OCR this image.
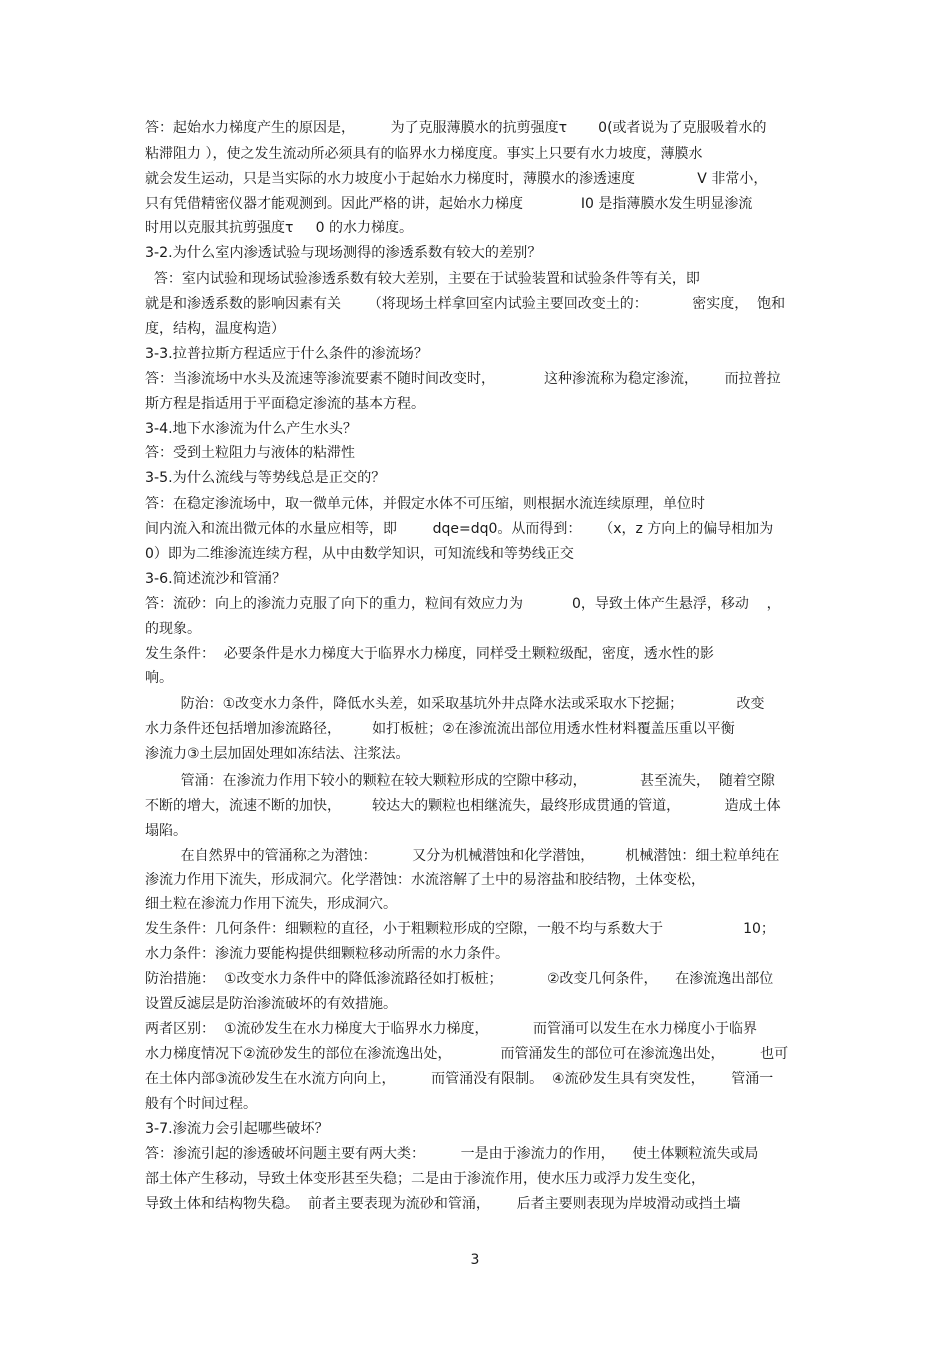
答：起始水力梯度产生的原因是，        为了克服薄膜水的抗剪强度τ       0(或者说为了克服吸着水的
粘滞阻力 ），使之发生流动所必须具有的临界水力梯度度。事实上只要有水力坡度，薄膜水
就会发生运动，只是当实际的水力坡度小于起始水力梯度时，薄膜水的渗透速度              V 非常小，
只有凭借精密仪器才能观测到。因此严格的讲，起始水力梯度             I0 是指薄膜水发生明显渗流
时用以克服其抗剪强度τ     0 的水力梯度。
3-2.为什么室内渗透试验与现场测得的渗透系数有较大的差别？
答：室内试验和现场试验渗透系数有较大差别，主要在于试验装置和试验条件等有关，即
就是和渗透系数的影响因素有关      （将现场土样拿回室内试验主要回改变土的：          密实度，  饱和
度，结构，温度构造）
3-3.拉普拉斯方程适应于什么条件的渗流场？
答：当渗流场中水头及流速等渗流要素不随时间改变时，           这种渗流称为稳定渗流，      而拉普拉
斯方程是指适用于平面稳定渗流的基本方程。
3-4.地下水渗流为什么产生水头？
答：受到土粒阻力与液体的粘滞性
3-5.为什么流线与等势线总是正交的？
答：在稳定渗流场中，取一微单元体，并假定水体不可压缩，则根据水流连续原理，单位时
间内流入和流出微元体的水量应相等，即        dqe=dq0。从而得到：    （x，z 方向上的偏导相加为
0）即为二维渗流连续方程，从中由数学知识，可知流线和等势线正交
3-6.简述流沙和管涌？
答：流砂：向上的渗流力克服了向下的重力，粒间有效应力为           0，导致土体产生悬浮，移动    ，
的现象。
发生条件：  必要条件是水力梯度大于临界水力梯度，同样受土颗粒级配，密度，透水性的影
响。
防治：①改变水力条件，降低水头差，如采取基坑外井点降水法或采取水下挖掘；            改变
水力条件还包括增加渗流路径，       如打板桩；②在渗流流出部位用透水性材料覆盖压重以平衡
渗流力③土层加固处理如冻结法、注浆法。
管涌：在渗流力作用下较小的颗粒在较大颗粒形成的空隙中移动，            甚至流失，  随着空隙
不断的增大，流速不断的加快，       较达大的颗粒也相继流失，最终形成贯通的管道，          造成土体
塌陷。
在自然界中的管涌称之为潜蚀：        又分为机械潜蚀和化学潜蚀，       机械潜蚀：细土粒单纯在
渗流力作用下流失，形成洞穴。化学潜蚀：水流溶解了土中的易溶盐和胶结物，土体变松，
细土粒在渗流力作用下流失，形成洞穴。
发生条件：几何条件：细颗粒的直径，小于粗颗粒形成的空隙，一般不均与系数大于                  10；
水力条件：渗流力要能构提供细颗粒移动所需的水力条件。
防治措施：  ①改变水力条件中的降低渗流路径如打板桩；          ②改变几何条件，    在渗流逸出部位
设置反滤层是防治渗流破坏的有效措施。
两者区别：  ①流砂发生在水力梯度大于临界水力梯度，          而管涌可以发生在水力梯度小于临界
水力梯度情况下②流砂发生的部位在渗流逸出处，           而管涌发生的部位可在渗流逸出处，        也可
在土体内部③流砂发生在水流方向向上，        而管涌没有限制。  ④流砂发生具有突发性，      管涌一
般有个时间过程。
3-7.渗流力会引起哪些破坏？
答：渗流引起的渗透破坏问题主要有两大类：        一是由于渗流力的作用，    使土体颗粒流失或局
部土体产生移动，导致土体变形甚至失稳；二是由于渗流作用，使水压力或浮力发生变化，
导致土体和结构物失稳。  前者主要表现为流砂和管涌，      后者主要则表现为岸坡滑动或挡土墙
3
